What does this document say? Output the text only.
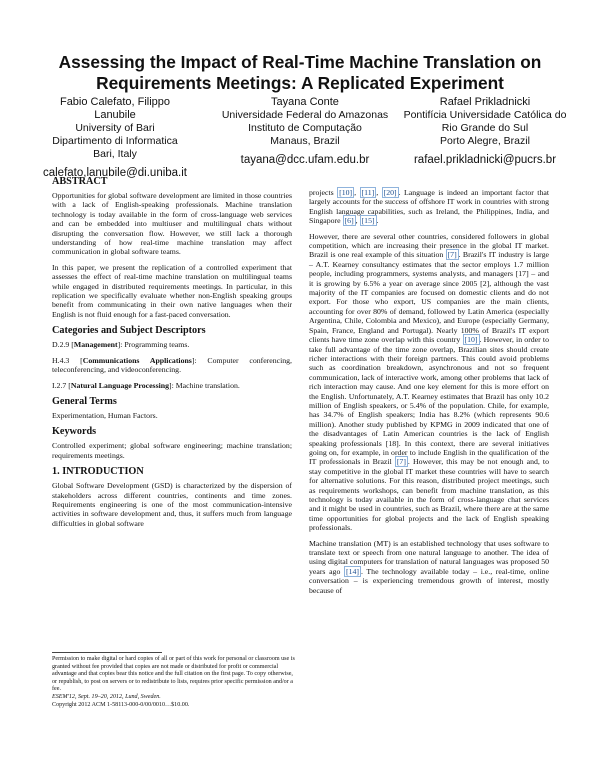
Assessing the Impact of Real-Time Machine Translation on
Requirements Meetings: A Replicated Experiment
Fabio Calefato, Filippo Lanubile
University of Bari
Dipartimento di Informatica
Bari, Italy
calefato,lanubile@di.uniba.it
Tayana Conte
Universidade Federal do Amazonas
Instituto de Computação
Manaus, Brazil
tayana@dcc.ufam.edu.br
Rafael Prikladnicki
Pontifícia Universidade Católica do
Rio Grande do Sul
Porto Alegre, Brazil
rafael.prikladnicki@pucrs.br
ABSTRACT

Opportunities for global software development are limited in those countries with a lack of English-speaking professionals. Machine translation technology is today available in the form of cross-language web services and can be embedded into multiuser and multilingual chats without disrupting the conversation flow. However, we still lack a thorough understanding of how real-time machine translation may affect communication in global software teams.

In this paper, we present the replication of a controlled experiment that assesses the effect of real-time machine translation on multilingual teams while engaged in distributed requirements meetings. In particular, in this replication we specifically evaluate whether non-English speaking groups benefit from communicating in their own native languages when their English is not fluid enough for a fast-paced conversation.

Categories and Subject Descriptors

D.2.9 [Management]: Programming teams.

H.4.3 [Communications Applications]: Computer conferencing, teleconferencing, and videoconferencing.

I.2.7 [Natural Language Processing]: Machine translation.

General Terms

Experimentation, Human Factors.

Keywords

Controlled experiment; global software engineering; machine translation; requirements meetings.

1. INTRODUCTION

Global Software Development (GSD) is characterized by the dispersion of stakeholders across different countries, continents and time zones. Requirements engineering is one of the most communication-intensive activities in software development and, thus, it suffers much from language difficulties in global software

Permission to make digital or hard copies of all or part of this work for personal or classroom use is granted without fee provided that copies are not made or distributed for profit or commercial advantage and that copies bear this notice and the full citation on the first page. To copy otherwise, or republish, to post on servers or to redistribute to lists, requires prior specific permission and/or a fee.

ESEM'12, Sept. 19–20, 2012, Lund, Sweden.

Copyright 2012 ACM 1-58113-000-0/00/0010…$10.00.

projects [10] , [11] , [20] . Language is indeed an important factor that largely accounts for the success of offshore IT work in countries with strong English language capabilities, such as Ireland, the Philippines, India, and Singapore [6] , [15] .

However, there are several other countries, considered followers in global competition, which are increasing their presence in the global IT market. Brazil is one real example of this situation [7] . Brazil's IT industry is large – A.T. Kearney consultancy estimates that the sector employs 1.7 million people, including programmers, systems analysts, and managers [17] – and it is growing by 6.5% a year on average since 2005 [2], although the vast majority of the IT companies are focused on domestic clients and do not export. For those who export, US companies are the main clients, accounting for over 80% of demand, followed by Latin America (especially Argentina, Chile, Colombia and Mexico), and Europe (especially Germany, Spain, France, England and Portugal). Nearly 100% of Brazil's IT export clients have time zone overlap with this country [10] . However, in order to take full advantage of the time zone overlap, Brazilian sites should create richer interactions with their foreign partners. This could avoid problems such as coordination breakdown, asynchronous and not so frequent communication, lack of interactive work, among other problems that lack of rich interaction may cause. And one key element for this is more effort on the English. Unfortunately, A.T. Kearney estimates that Brazil has only 10.2 million of English speakers, or 5.4% of the population. Chile, for example, has 34.7% of English speakers; India has 8.2% (which represents 90.6 million). Another study published by KPMG in 2009 indicated that one of the disadvantages of Latin American countries is the lack of English speaking professionals [18]. In this context, there are several initiatives going on, for example, in order to include English in the qualification of the IT professionals in Brazil [7] . However, this may be not enough and, to stay competitive in the global IT market these countries will have to search for alternative solutions. For this reason, distributed project meetings, such as requirements workshops, can benefit from machine translation, as this technology is today available in the form of cross-language chat services and it might be used in countries, such as Brazil, where there are at the same time opportunities for global projects and the lack of English speaking professionals.

Machine translation (MT) is an established technology that uses software to translate text or speech from one natural language to another. The idea of using digital computers for translation of natural languages was proposed 50 years ago [14] . The technology available today – i.e., real-time, online conversation – is experiencing tremendous growth of interest, mostly because of
